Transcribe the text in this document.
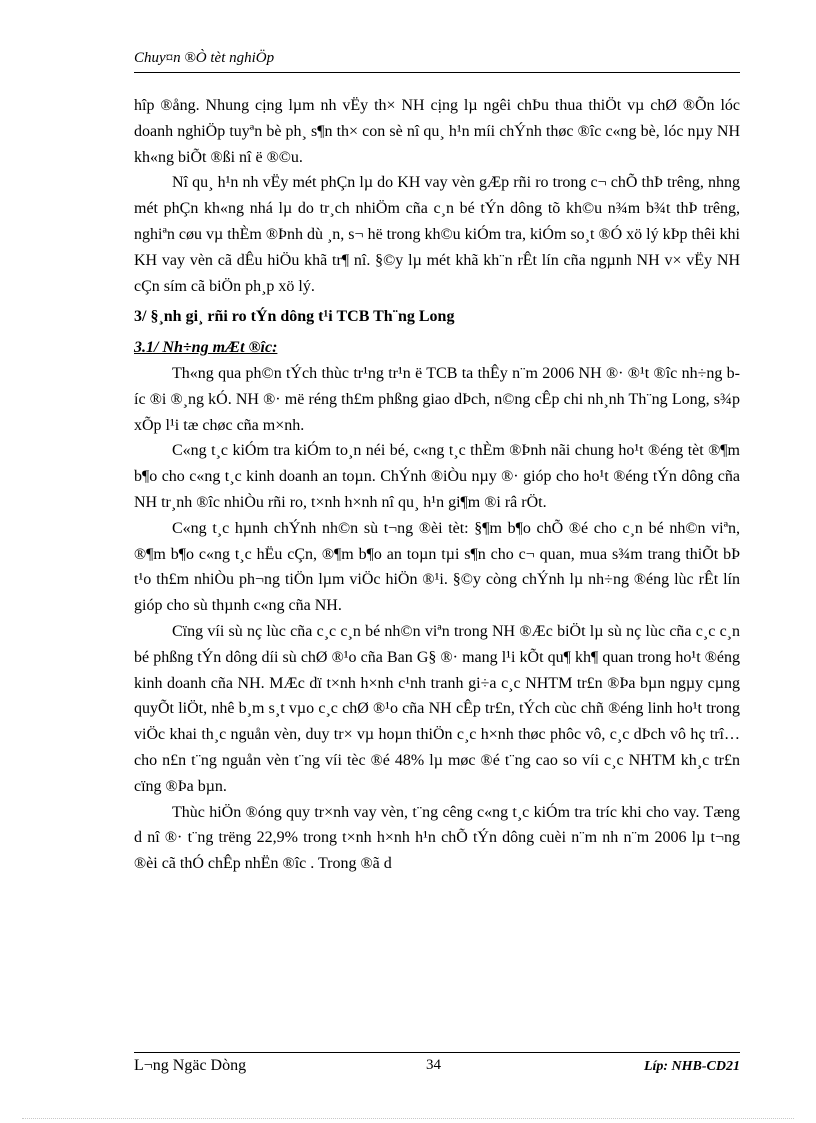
Chuy¤n ®Ò tèt nghiÖp

hîp ®ång. Nhung cịng lµm nh vËy th× NH cịng lµ ngêi chÞu thua thiÖt vµ chØ ®Õn lóc doanh nghiÖp tuyªn bè ph¸ s¶n th× con sè nî qu¸ h¹n míi chÝnh thøc ®îc c«ng bè, lóc nµy NH kh«ng biÕt ®ßi nî ë ®©u.

Nî qu¸ h¹n nh vËy mét phÇn lµ do KH vay vèn gÆp rñi ro trong c¬ chÕ thÞ trêng, nhng mét phÇn kh«ng nhá lµ do tr¸ch nhiÖm cña c¸n bé tÝn dông tõ kh©u n¾m b¾t thÞ trêng, nghiªn cøu vµ thÈm ®Þnh dù ¸n, s¬ hë trong kh©u kiÓm tra, kiÓm so¸t ®Ó xö lý kÞp thêi khi KH vay vèn cã dÊu hiÖu khã tr¶ nî. §©y lµ mét khã kh¨n rÊt lín cña ngµnh NH v× vËy NH cÇn sím cã biÖn ph¸p xö lý.

3/ §¸nh gi¸ rñi ro tÝn dông t¹i TCB Th¨ng Long

3.1/ Nh÷ng mÆt ®îc:

Th«ng qua ph©n tÝch thùc tr¹ng tr¹n ë TCB ta thÊy n¨m 2006 NH ®· ®¹t ®îc nh÷ng bíc ®i ®¸ng kÓ. NH ®· më réng th£m phßng giao dÞch, n©ng cÊp chi nh¸nh Th¨ng Long, s¾p xÕp l¹i tæ chøc cña m×nh.

C«ng t¸c kiÓm tra kiÓm to¸n néi bé, c«ng t¸c thÈm ®Þnh nãi chung ho¹t ®éng tèt ®¶m b¶o cho c«ng t¸c kinh doanh an toµn. ChÝnh ®iÒu nµy ®· gióp cho ho¹t ®éng tÝn dông cña NH tr¸nh ®îc nhiÒu rñi ro, t×nh h×nh nî qu¸ h¹n gi¶m ®i râ rÖt.

C«ng t¸c hµnh chÝnh nh©n sù t¬ng ®èi tèt: §¶m b¶o chÕ ®é cho c¸n bé nh©n viªn, ®¶m b¶o c«ng t¸c hËu cÇn, ®¶m b¶o an toµn tµi s¶n cho c¬ quan, mua s¾m trang thiÕt bÞ t¹o th£m nhiÒu ph¬ng tiÖn lµm viÖc hiÖn ®¹i. §©y còng chÝnh lµ nh÷ng ®éng lùc rÊt lín gióp cho sù thµnh c«ng cña NH.

Cïng víi sù nç lùc cña c¸c c¸n bé nh©n viªn trong NH ®Æc biÖt lµ sù nç lùc cña c¸c c¸n bé phßng tÝn dông díi sù chØ ®¹o cña Ban G§ ®· mang l¹i kÕt qu¶ kh¶ quan trong ho¹t ®éng kinh doanh cña NH. MÆc dï t×nh h×nh c¹nh tranh gi÷a c¸c NHTM tr£n ®Þa bµn ngµy cµng quyÕt liÖt, nhê b¸m s¸t vµo c¸c chØ ®¹o cña NH cÊp tr£n, tÝch cùc chñ ®éng linh ho¹t trong viÖc khai th¸c nguån vèn, duy tr× vµ hoµn thiÖn c¸c h×nh thøc phôc vô, c¸c dÞch vô hç trî… cho n£n t¨ng nguån vèn t¨ng víi tèc ®é 48% lµ møc ®é t¨ng cao so víi c¸c NHTM kh¸c tr£n cïng ®Þa bµn.

Thùc hiÖn ®óng quy tr×nh vay vèn, t¨ng cêng c«ng t¸c kiÓm tra tríc khi cho vay. Tæng d nî ®· t¨ng trëng 22,9% trong t×nh h×nh h¹n chÕ tÝn dông cuèi n¨m nh n¨m 2006 lµ t¬ng ®èi cã thÓ chÊp nhËn ®îc . Trong ®ã d

L¬ng Ngäc Dòng	34	Líp: NHB-CD21
